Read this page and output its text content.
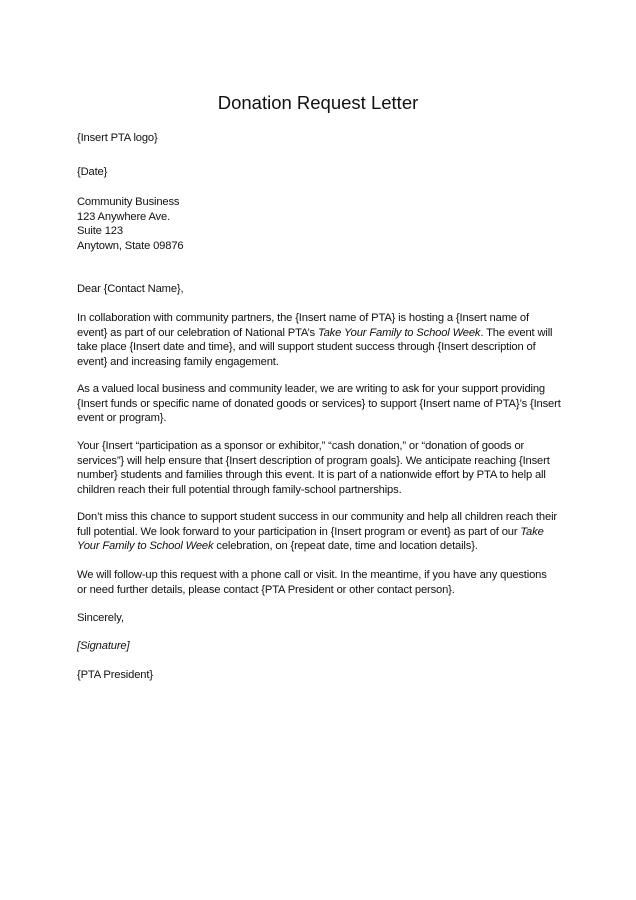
Donation Request Letter
{Insert PTA logo}
{Date}
Community Business
123 Anywhere Ave.
Suite 123
Anytown, State 09876
Dear {Contact Name},
In collaboration with community partners, the {Insert name of PTA} is hosting a {Insert name of
event} as part of our celebration of National PTA’s Take Your Family to School Week. The event will
take place {Insert date and time}, and will support student success through {Insert description of
event} and increasing family engagement.
As a valued local business and community leader, we are writing to ask for your support providing
{Insert funds or specific name of donated goods or services} to support {Insert name of PTA}’s {Insert
event or program}.
Your {Insert “participation as a sponsor or exhibitor,” “cash donation,” or “donation of goods or
services”} will help ensure that {Insert description of program goals}. We anticipate reaching {Insert
number} students and families through this event. It is part of a nationwide effort by PTA to help all
children reach their full potential through family-school partnerships.
Don’t miss this chance to support student success in our community and help all children reach their
full potential. We look forward to your participation in {Insert program or event} as part of our Take
Your Family to School Week celebration, on {repeat date, time and location details}.
We will follow-up this request with a phone call or visit. In the meantime, if you have any questions
or need further details, please contact {PTA President or other contact person}.
Sincerely,
[Signature]
{PTA President}
